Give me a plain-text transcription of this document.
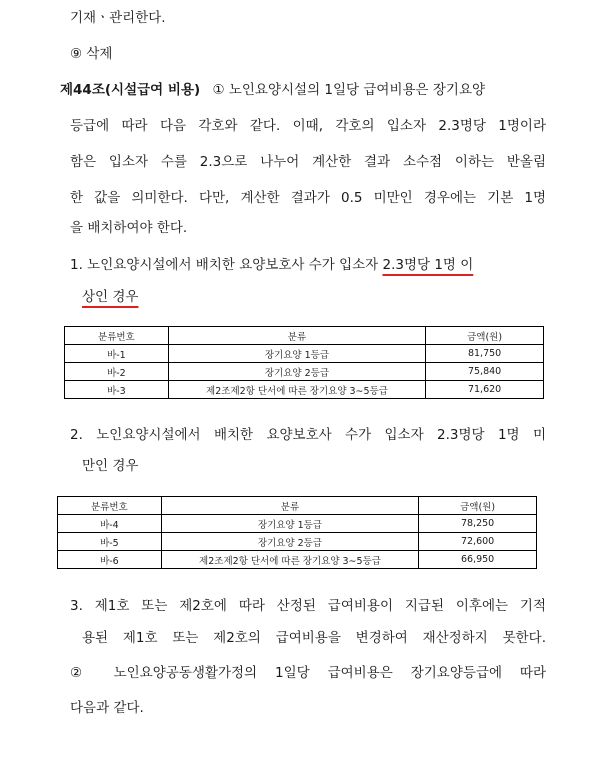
기재ㆍ관리한다.
⑨ 삭제
제44조(시설급여 비용) ① 노인요양시설의 1일당 급여비용은 장기요양
등급에 따라 다음 각호와 같다. 이때, 각호의 입소자 2.3명당 1명이라
함은 입소자 수를 2.3으로 나누어 계산한 결과 소수점 이하는 반올림
한 값을 의미한다. 다만, 계산한 결과가 0.5 미만인 경우에는 기본 1명
을 배치하여야 한다.
1. 노인요양시설에서 배치한 요양보호사 수가 입소자 2.3명당 1명 이
상인 경우
분류번호	분류	금액(원)
바-1	장기요양 1등급	81,750
바-2	장기요양 2등급	75,840
바-3	제2조제2항 단서에 따른 장기요양 3∼5등급	71,620
2. 노인요양시설에서 배치한 요양보호사 수가 입소자 2.3명당 1명 미
만인 경우
분류번호	분류	금액(원)
바-4	장기요양 1등급	78,250
바-5	장기요양 2등급	72,600
바-6	제2조제2항 단서에 따른 장기요양 3∼5등급	66,950
3. 제1호 또는 제2호에 따라 산정된 급여비용이 지급된 이후에는 기적
용된 제1호 또는 제2호의 급여비용을 변경하여 재산정하지 못한다.
② 노인요양공동생활가정의 1일당 급여비용은 장기요양등급에 따라
다음과 같다.
